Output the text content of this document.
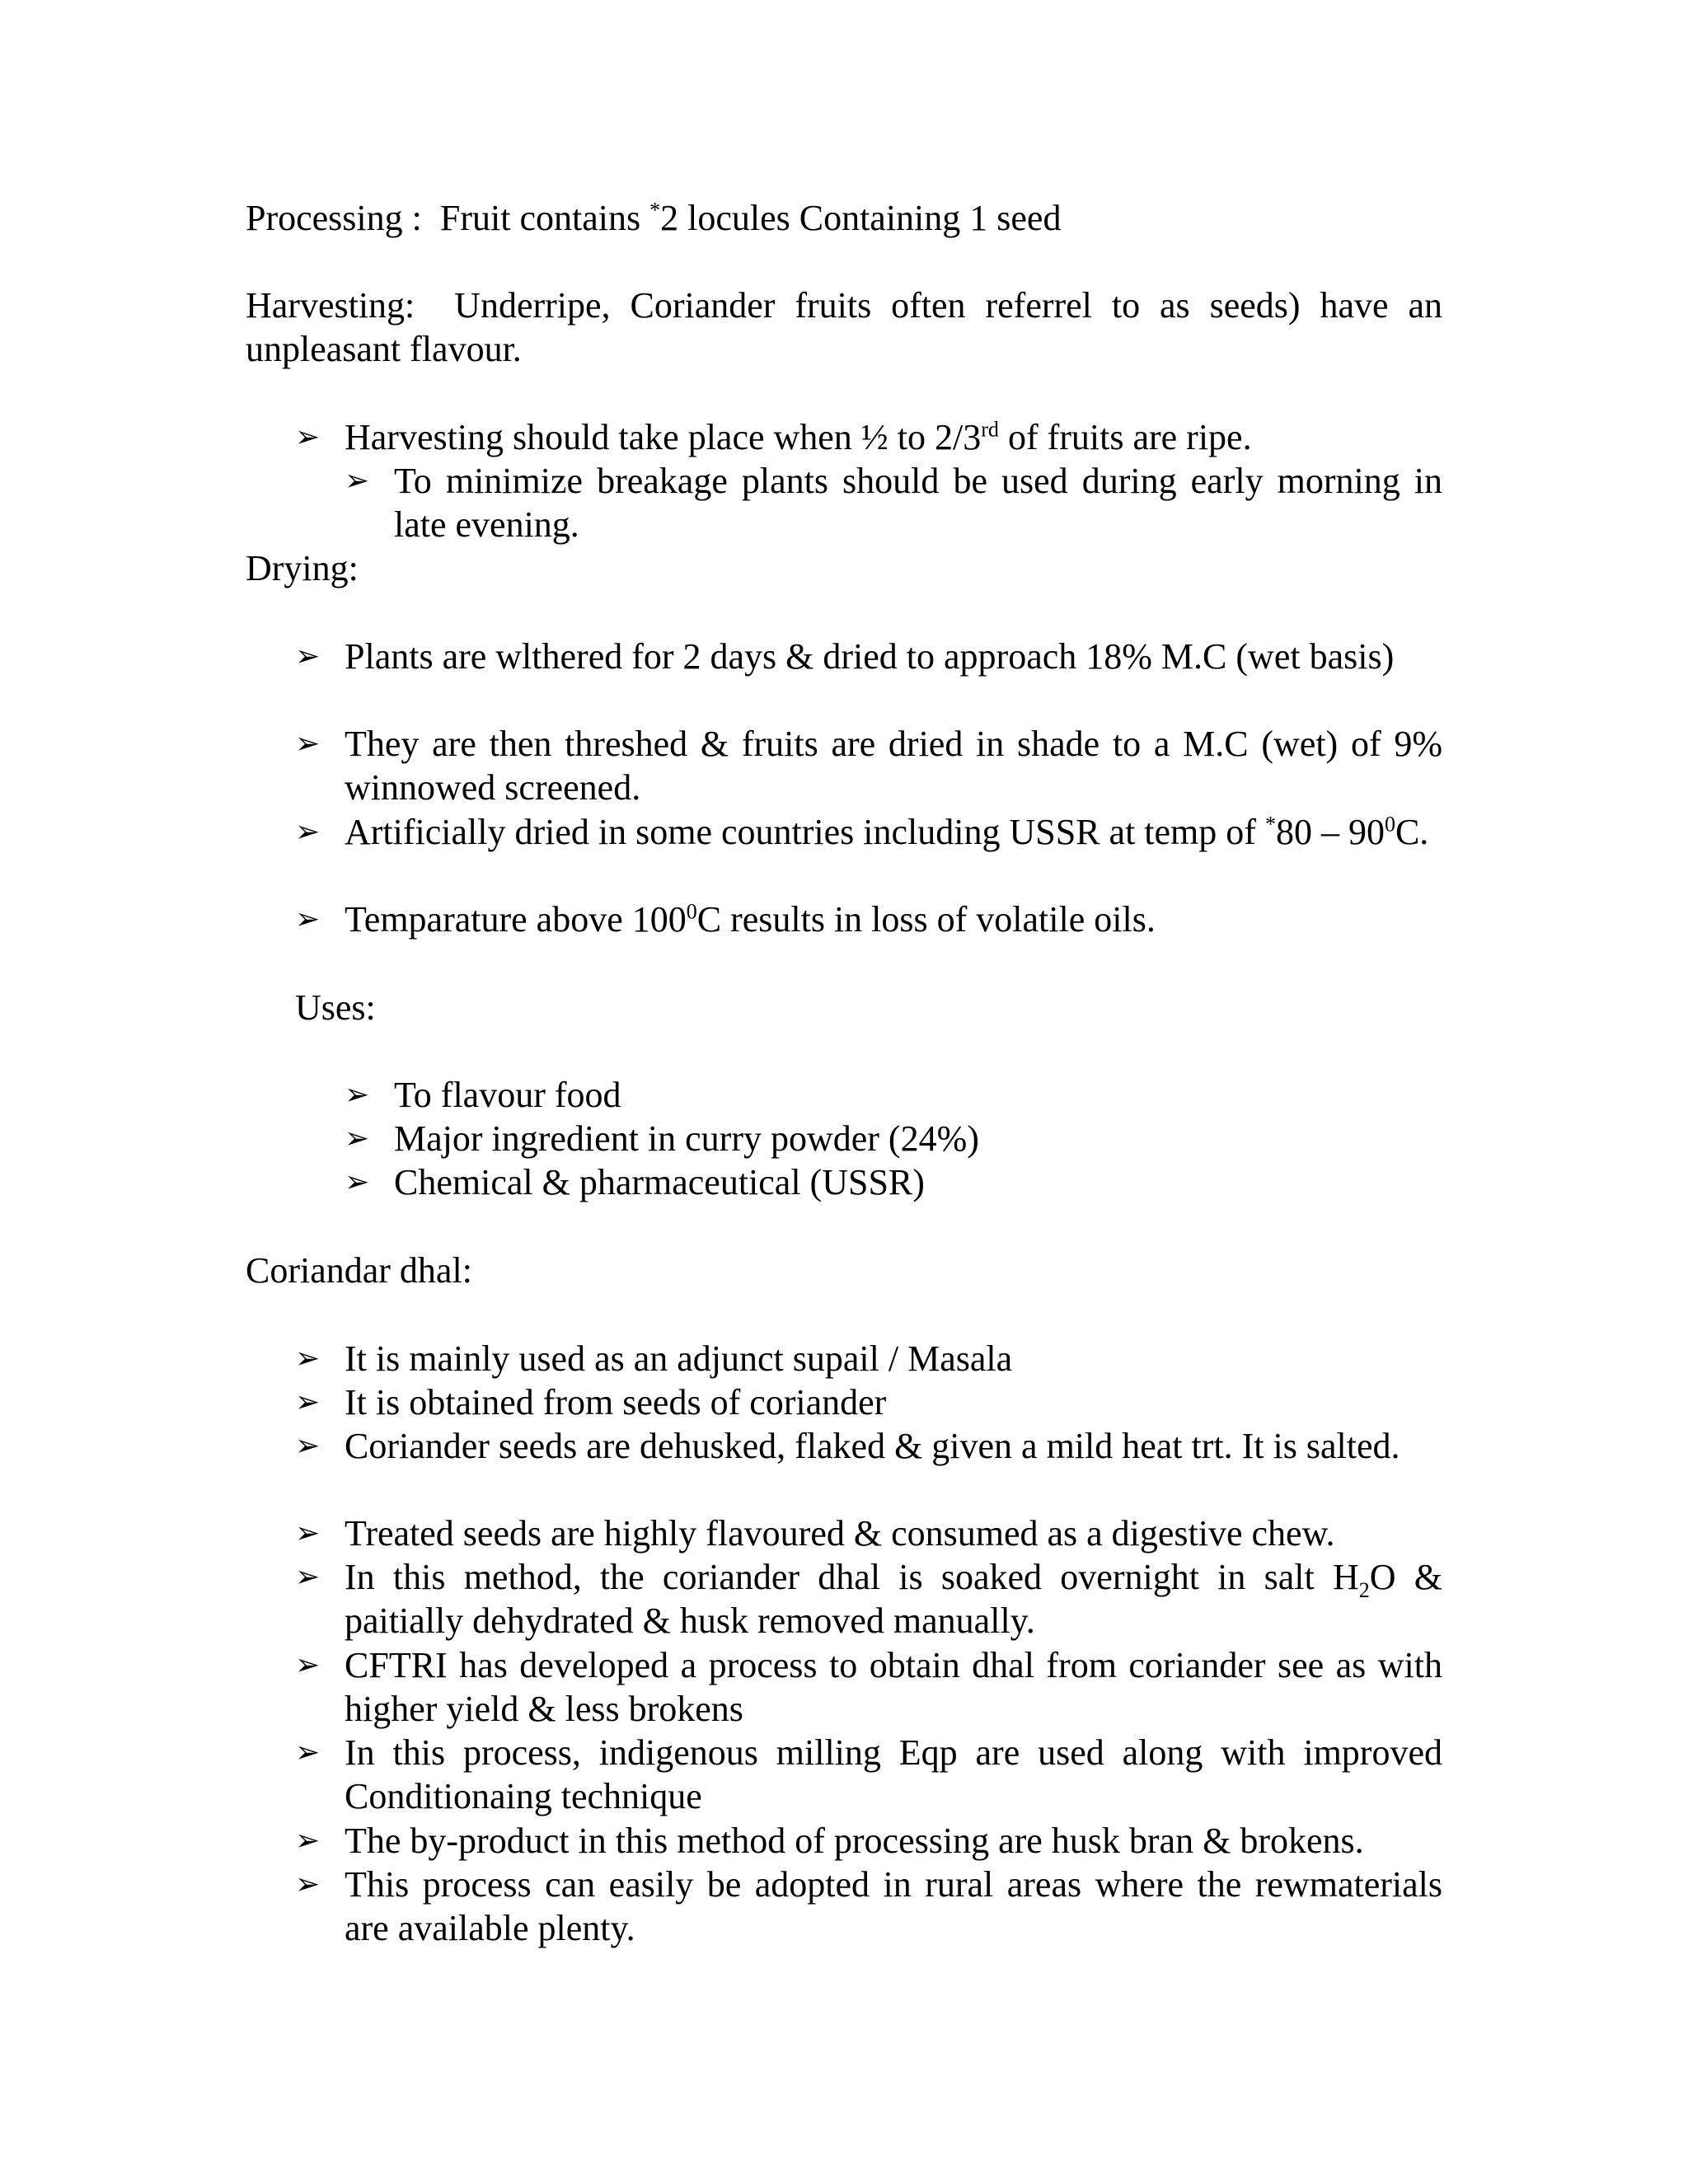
Processing : Fruit contains *2 locules Containing 1 seed

Harvesting: Underripe, Coriander fruits often referrel to as seeds) have an unpleasant flavour.

➢ Harvesting should take place when ½ to 2/3rd of fruits are ripe.
➢ To minimize breakage plants should be used during early morning in late evening.

Drying:

➢ Plants are wlthered for 2 days & dried to approach 18% M.C (wet basis)
➢ They are then threshed & fruits are dried in shade to a M.C (wet) of 9% winnowed screened.
➢ Artificially dried in some countries including USSR at temp of $^*80 - 90^0C$.
➢ Temparature above $100^0C$ results in loss of volatile oils.

Uses:

➢ To flavour food
➢ Major ingredient in curry powder (24%)
➢ Chemical & pharmaceutical (USSR)

Coriandar dhal:

➢ It is mainly used as an adjunct supail / Masala
➢ It is obtained from seeds of coriander
➢ Coriander seeds are dehusked, flaked & given a mild heat trt. It is salted.
➢ Treated seeds are highly flavoured & consumed as a digestive chew.
➢ In this method, the coriander dhal is soaked overnight in salt $H_2O$ & paitially dehydrated & husk removed manually.
➢ CFTRI has developed a process to obtain dhal from coriander see as with higher yield & less brokens
➢ In this process, indigenous milling Eqp are used along with improved Conditionaing technique
➢ The by-product in this method of processing are husk bran & brokens.
➢ This process can easily be adopted in rural areas where the rewmaterials are available plenty.
